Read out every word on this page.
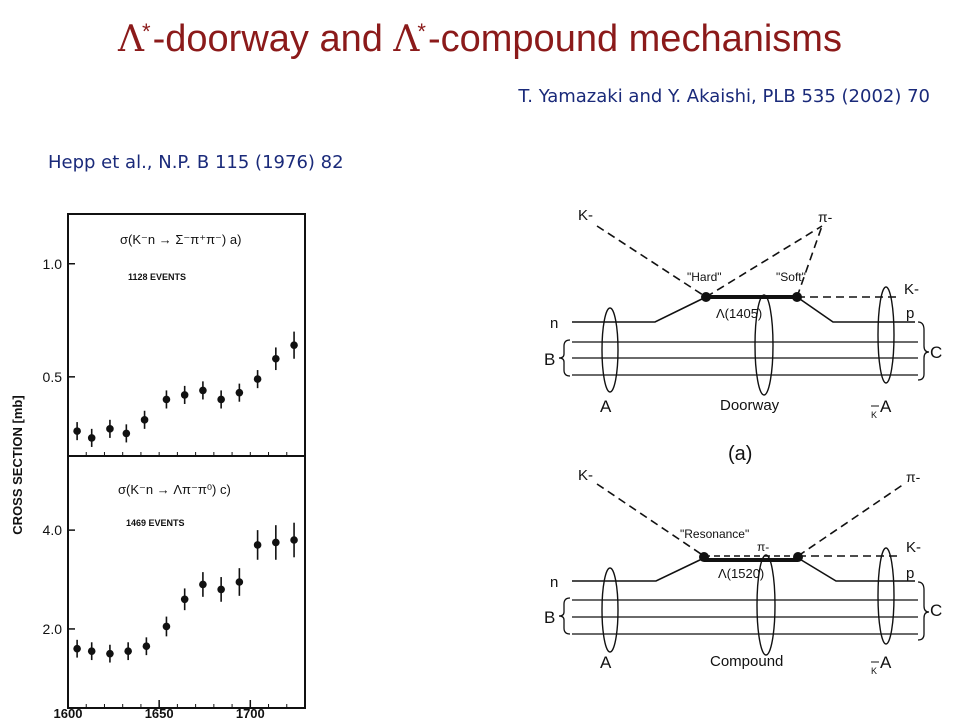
Λ*-doorway and Λ*-compound mechanisms
T. Yamazaki and Y. Akaishi, PLB 535 (2002) 70
Hepp et al., N.P. B 115 (1976) 82
CROSS SECTION [mb]
σ(K⁻n → Σ⁻π⁺π⁻) a)
1128 EVENTS
σ(K⁻n → Λπ⁻π⁰) c)
1469 EVENTS
0.5
1.0
2.0
4.0
1600	1650	1700
K-	π-
"Hard"	"Soft"
K-
n
p
Λ(1405)
B	C
A	A
K
Doorway
(a)
K-	π-
"Resonance"
π-	K-
n
p
Λ(1520)
B	C
A	A
K
Compound
